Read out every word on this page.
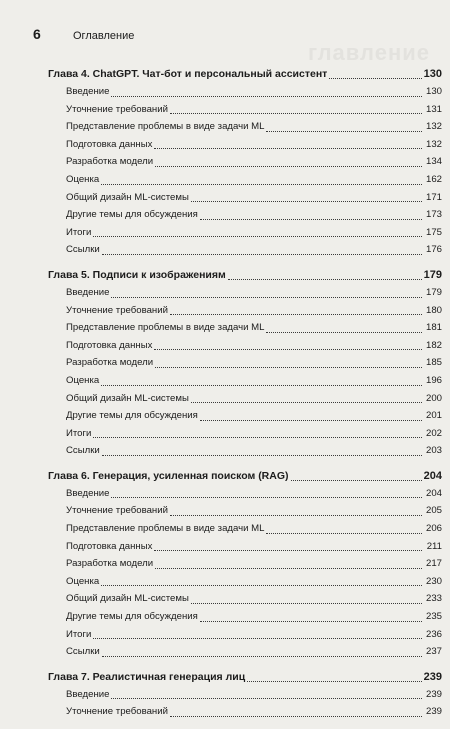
6	Оглавление
главление
Глава 4. ChatGPT. Чат-бот и персональный ассистент	130
Введение	130
Уточнение требований	131
Представление проблемы в виде задачи ML	132
Подготовка данных	132
Разработка модели	134
Оценка	162
Общий дизайн ML-системы	171
Другие темы для обсуждения	173
Итоги	175
Ссылки	176
Глава 5. Подписи к изображениям	179
Введение	179
Уточнение требований	180
Представление проблемы в виде задачи ML	181
Подготовка данных	182
Разработка модели	185
Оценка	196
Общий дизайн ML-системы	200
Другие темы для обсуждения	201
Итоги	202
Ссылки	203
Глава 6. Генерация, усиленная поиском (RAG)	204
Введение	204
Уточнение требований	205
Представление проблемы в виде задачи ML	206
Подготовка данных	211
Разработка модели	217
Оценка	230
Общий дизайн ML-системы	233
Другие темы для обсуждения	235
Итоги	236
Ссылки	237
Глава 7. Реалистичная генерация лиц	239
Введение	239
Уточнение требований	239
